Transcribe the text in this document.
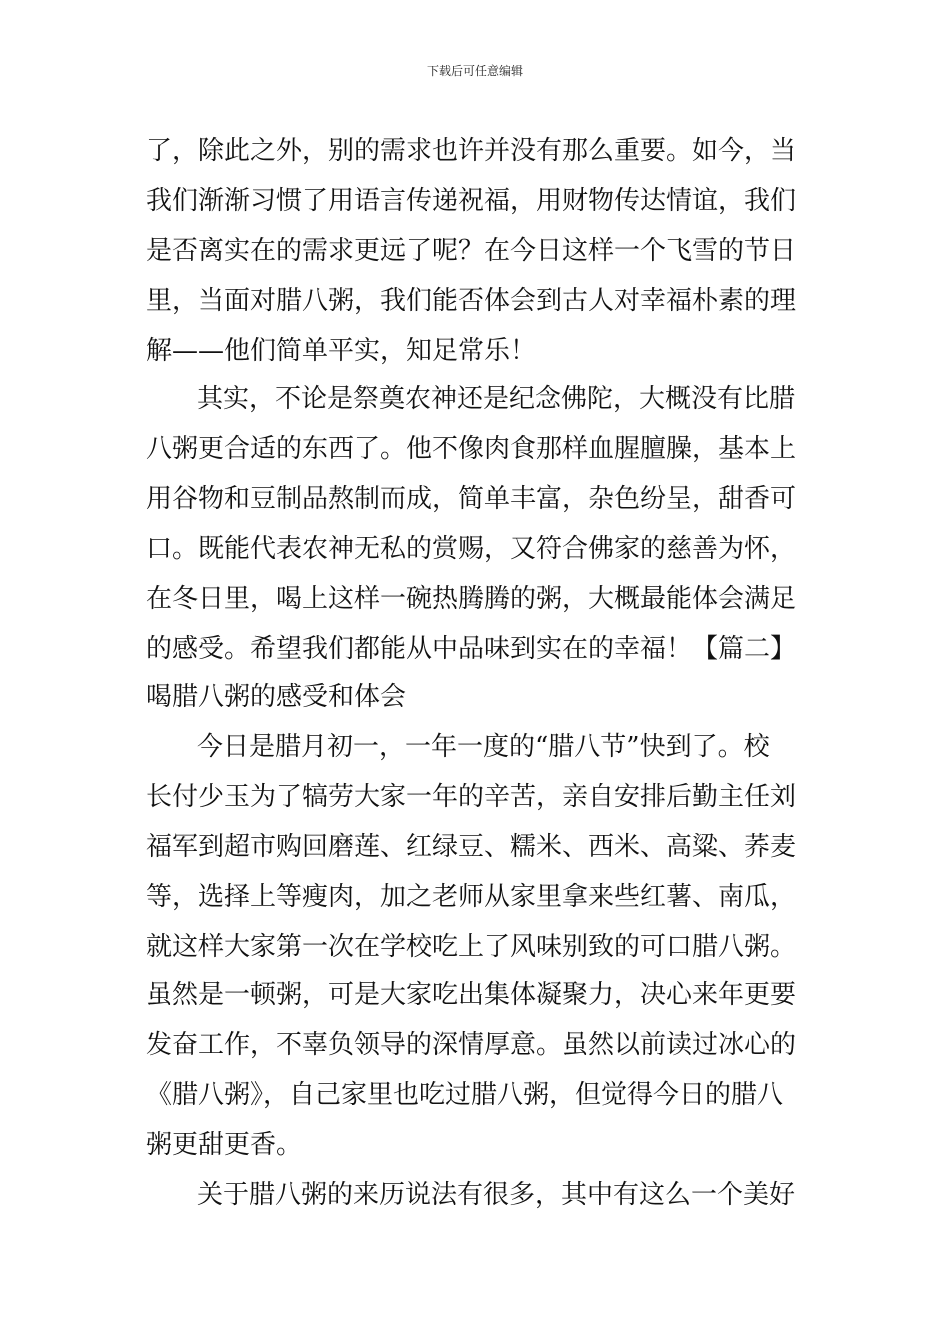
下载后可任意编辑
了，除此之外，别的需求也许并没有那么重要。如今，当
我们渐渐习惯了用语言传递祝福，用财物传达情谊，我们
是否离实在的需求更远了呢？在今日这样一个飞雪的节日
里，当面对腊八粥，我们能否体会到古人对幸福朴素的理
解——他们简单平实，知足常乐！
其实，不论是祭奠农神还是纪念佛陀，大概没有比腊
八粥更合适的东西了。他不像肉食那样血腥膻臊，基本上
用谷物和豆制品熬制而成，简单丰富，杂色纷呈，甜香可
口。既能代表农神无私的赏赐，又符合佛家的慈善为怀，
在冬日里，喝上这样一碗热腾腾的粥，大概最能体会满足
的感受。希望我们都能从中品味到实在的幸福！【篇二】
喝腊八粥的感受和体会
今日是腊月初一，一年一度的“腊八节”快到了。校
长付少玉为了犒劳大家一年的辛苦，亲自安排后勤主任刘
福军到超市购回磨莲、红绿豆、糯米、西米、高粱、荞麦
等，选择上等瘦肉，加之老师从家里拿来些红薯、南瓜，
就这样大家第一次在学校吃上了风味别致的可口腊八粥。
虽然是一顿粥，可是大家吃出集体凝聚力，决心来年更要
发奋工作，不辜负领导的深情厚意。虽然以前读过冰心的
《腊八粥》，自己家里也吃过腊八粥，但觉得今日的腊八
粥更甜更香。
关于腊八粥的来历说法有很多，其中有这么一个美好
